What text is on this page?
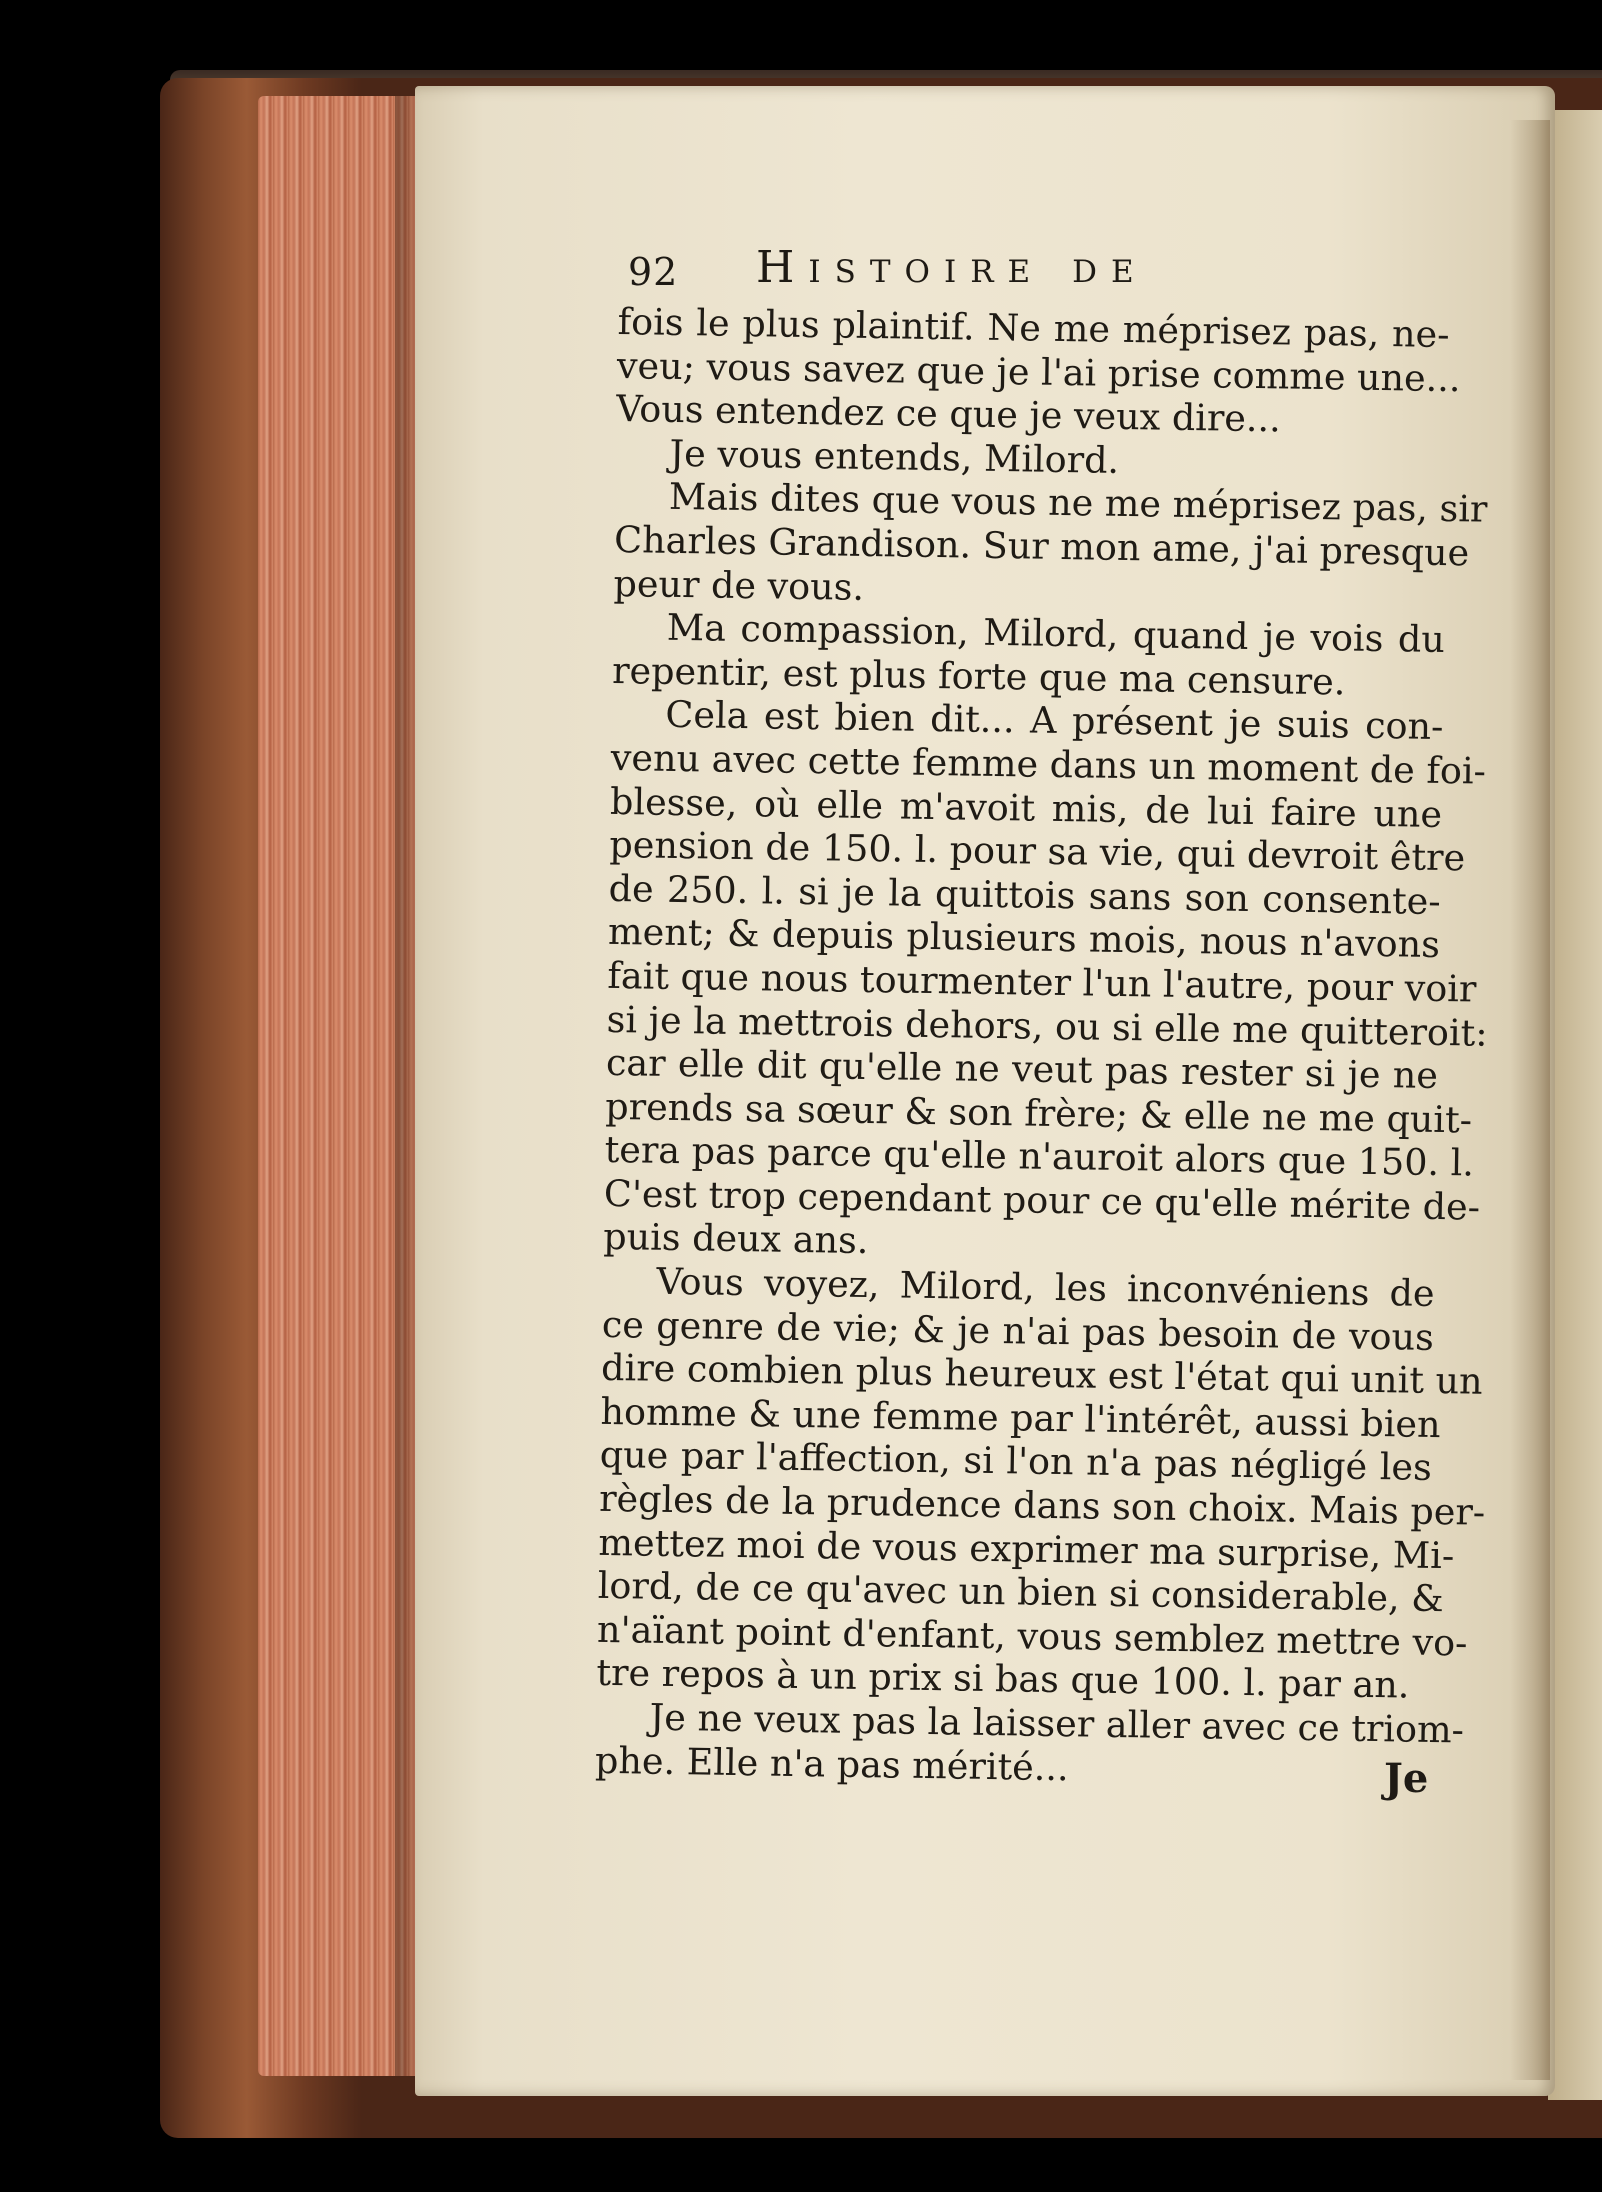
92 Histoire de
fois le plus plaintif. Ne me méprisez pas, ne-
veu; vous savez que je l'ai prise comme une...
Vous entendez ce que je veux dire...
Je vous entends, Milord.
Mais dites que vous ne me méprisez pas, sir
Charles Grandison. Sur mon ame, j'ai presque
peur de vous.
Ma compassion, Milord, quand je vois du
repentir, est plus forte que ma censure.
Cela est bien dit... A présent je suis con-
venu avec cette femme dans un moment de foi-
blesse, où elle m'avoit mis, de lui faire une
pension de 150. l. pour sa vie, qui devroit être
de 250. l. si je la quittois sans son consente-
ment; & depuis plusieurs mois, nous n'avons
fait que nous tourmenter l'un l'autre, pour voir
si je la mettrois dehors, ou si elle me quitteroit:
car elle dit qu'elle ne veut pas rester si je ne
prends sa sœur & son frère; & elle ne me quit-
tera pas parce qu'elle n'auroit alors que 150. l.
C'est trop cependant pour ce qu'elle mérite de-
puis deux ans.
Vous voyez, Milord, les inconvéniens de
ce genre de vie; & je n'ai pas besoin de vous
dire combien plus heureux est l'état qui unit un
homme & une femme par l'intérêt, aussi bien
que par l'affection, si l'on n'a pas négligé les
règles de la prudence dans son choix. Mais per-
mettez moi de vous exprimer ma surprise, Mi-
lord, de ce qu'avec un bien si considerable, &
n'aïant point d'enfant, vous semblez mettre vo-
tre repos à un prix si bas que 100. l. par an.
Je ne veux pas la laisser aller avec ce triom-
phe. Elle n'a pas mérité...	Je
